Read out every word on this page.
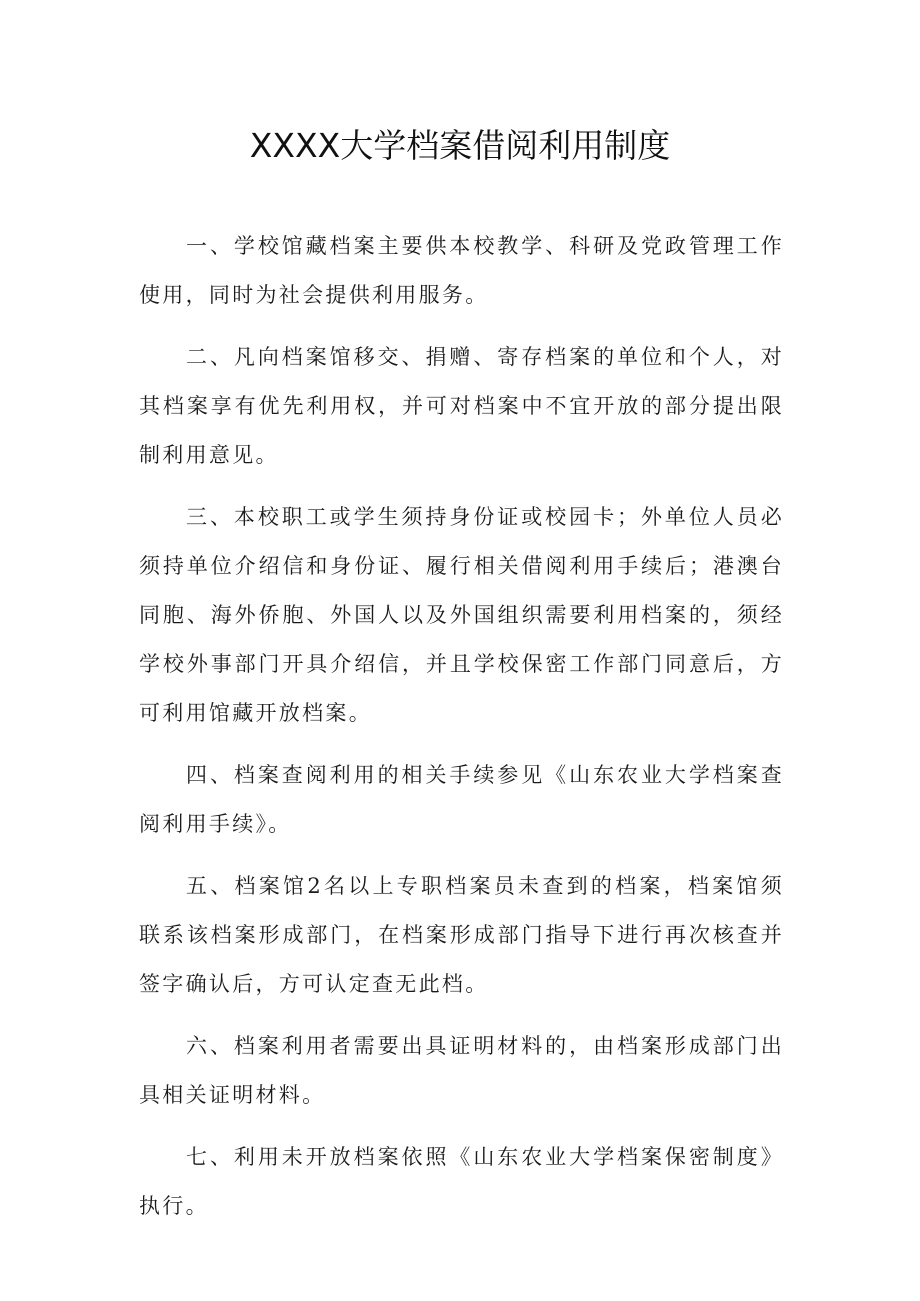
XXXX大学档案借阅利用制度

一、学校馆藏档案主要供本校教学、科研及党政管理工作使用，同时为社会提供利用服务。

二、凡向档案馆移交、捐赠、寄存档案的单位和个人，对其档案享有优先利用权，并可对档案中不宜开放的部分提出限制利用意见。

三、本校职工或学生须持身份证或校园卡；外单位人员必须持单位介绍信和身份证、履行相关借阅利用手续后；港澳台同胞、海外侨胞、外国人以及外国组织需要利用档案的，须经学校外事部门开具介绍信，并且学校保密工作部门同意后，方可利用馆藏开放档案。

四、档案查阅利用的相关手续参见《山东农业大学档案查阅利用手续》。

五、档案馆2名以上专职档案员未查到的档案，档案馆须联系该档案形成部门，在档案形成部门指导下进行再次核查并签字确认后，方可认定查无此档。

六、档案利用者需要出具证明材料的，由档案形成部门出具相关证明材料。

七、利用未开放档案依照《山东农业大学档案保密制度》执行。
